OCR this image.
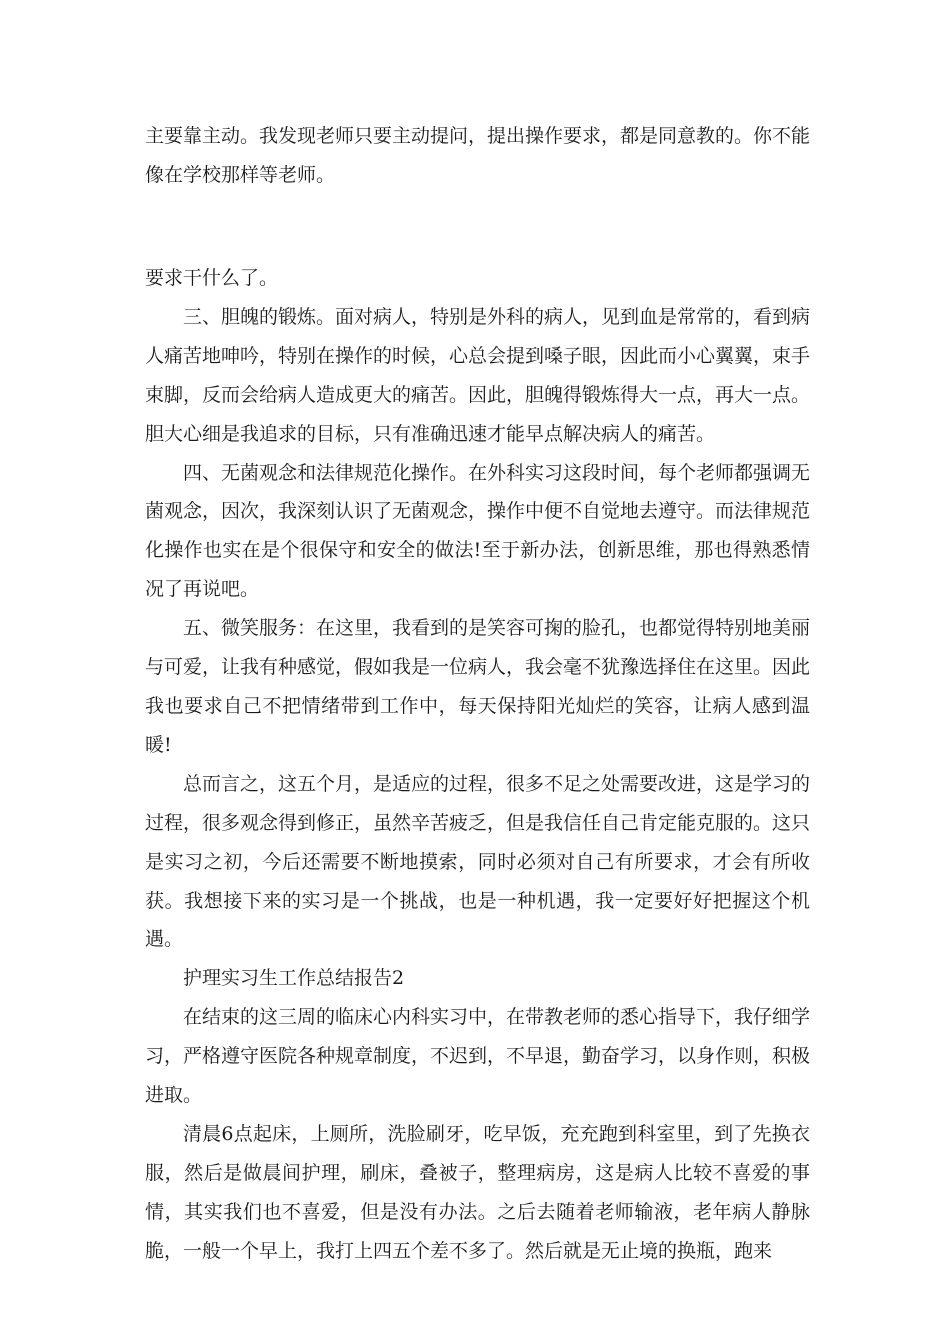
主要靠主动。我发现老师只要主动提问，提出操作要求，都是同意教的。你不能像在学校那样等老师。

要求干什么了。

三、胆魄的锻炼。面对病人，特别是外科的病人，见到血是常常的，看到病人痛苦地呻吟，特别在操作的时候，心总会提到嗓子眼，因此而小心翼翼，束手束脚，反而会给病人造成更大的痛苦。因此，胆魄得锻炼得大一点，再大一点。胆大心细是我追求的目标，只有准确迅速才能早点解决病人的痛苦。

四、无菌观念和法律规范化操作。在外科实习这段时间，每个老师都强调无菌观念，因次，我深刻认识了无菌观念，操作中便不自觉地去遵守。而法律规范化操作也实在是个很保守和安全的做法!至于新办法，创新思维，那也得熟悉情况了再说吧。

五、微笑服务：在这里，我看到的是笑容可掬的脸孔，也都觉得特别地美丽与可爱，让我有种感觉，假如我是一位病人，我会毫不犹豫选择住在这里。因此我也要求自己不把情绪带到工作中，每天保持阳光灿烂的笑容，让病人感到温暖!

总而言之，这五个月，是适应的过程，很多不足之处需要改进，这是学习的过程，很多观念得到修正，虽然辛苦疲乏，但是我信任自己肯定能克服的。这只是实习之初，今后还需要不断地摸索，同时必须对自己有所要求，才会有所收获。我想接下来的实习是一个挑战，也是一种机遇，我一定要好好把握这个机遇。

护理实习生工作总结报告2

在结束的这三周的临床心内科实习中，在带教老师的悉心指导下，我仔细学习，严格遵守医院各种规章制度，不迟到，不早退，勤奋学习，以身作则，积极进取。

清晨6点起床，上厕所，洗脸刷牙，吃早饭，充充跑到科室里，到了先换衣服，然后是做晨间护理，刷床，叠被子，整理病房，这是病人比较不喜爱的事情，其实我们也不喜爱，但是没有办法。之后去随着老师输液，老年病人静脉脆，一般一个早上，我打上四五个差不多了。然后就是无止境的换瓶，跑来
